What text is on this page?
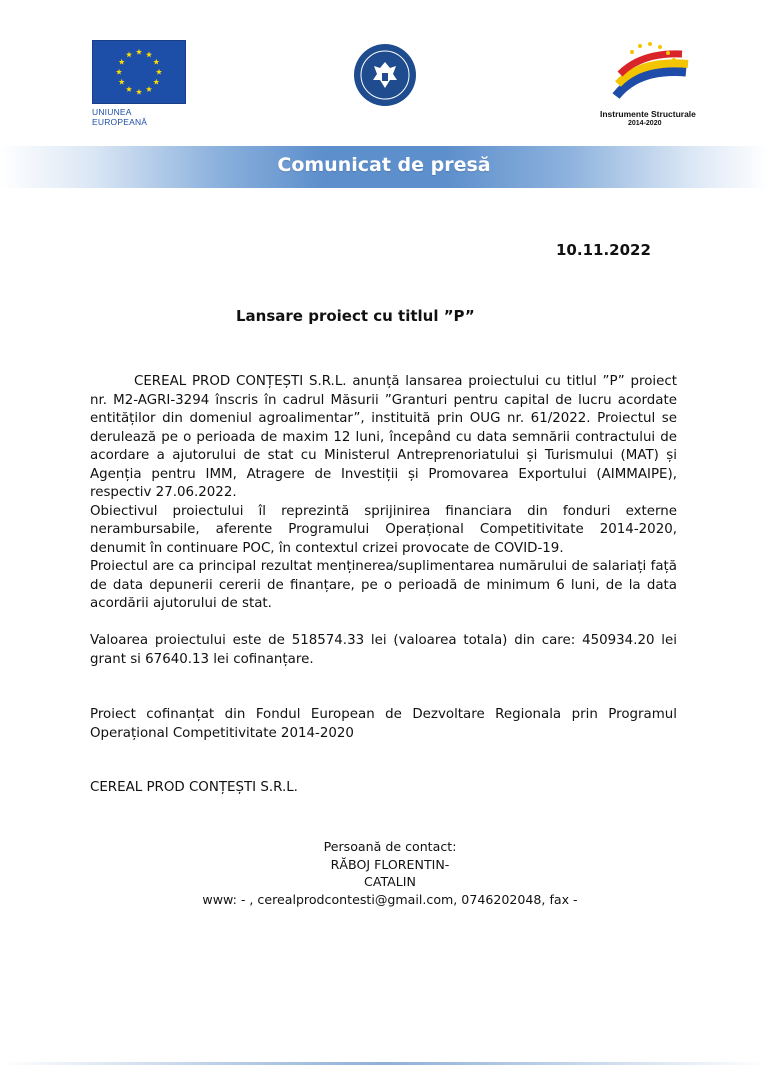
UNIUNEA EUROPEANĂ
Instrumente Structurale
2014-2020
Comunicat de presă
10.11.2022
Lansare proiect cu titlul ”P”

CEREAL PROD CONȚEȘTI S.R.L. anunță lansarea proiectului cu titlul ”P” proiect nr. M2-AGRI-3294 înscris în cadrul Măsurii ”Granturi pentru capital de lucru acordate entităților din domeniul agroalimentar”, instituită prin OUG nr. 61/2022. Proiectul se derulează pe o perioada de maxim 12 luni, începând cu data semnării contractului de acordare a ajutorului de stat cu Ministerul Antreprenoriatului și Turismului (MAT) și Agenția pentru IMM, Atragere de Investiții și Promovarea Exportului (AIMMAIPE), respectiv 27.06.2022.

Obiectivul proiectului îl reprezintă sprijinirea financiara din fonduri externe nerambursabile, aferente Programului Operațional Competitivitate 2014-2020, denumit în continuare POC, în contextul crizei provocate de COVID-19.

Proiectul are ca principal rezultat menținerea/suplimentarea numărului de salariați față de data depunerii cererii de finanțare, pe o perioadă de minimum 6 luni, de la data acordării ajutorului de stat.

Valoarea proiectului este de 518574.33 lei (valoarea totala) din care: 450934.20 lei grant si 67640.13 lei cofinanțare.

Proiect cofinanțat din Fondul European de Dezvoltare Regionala prin Programul Operațional Competitivitate 2014-2020

CEREAL PROD CONȚEȘTI S.R.L.
Persoană de contact:
RĂBOJ FLORENTIN-
CATALIN
www: - , cerealprodcontesti@gmail.com, 0746202048, fax -
